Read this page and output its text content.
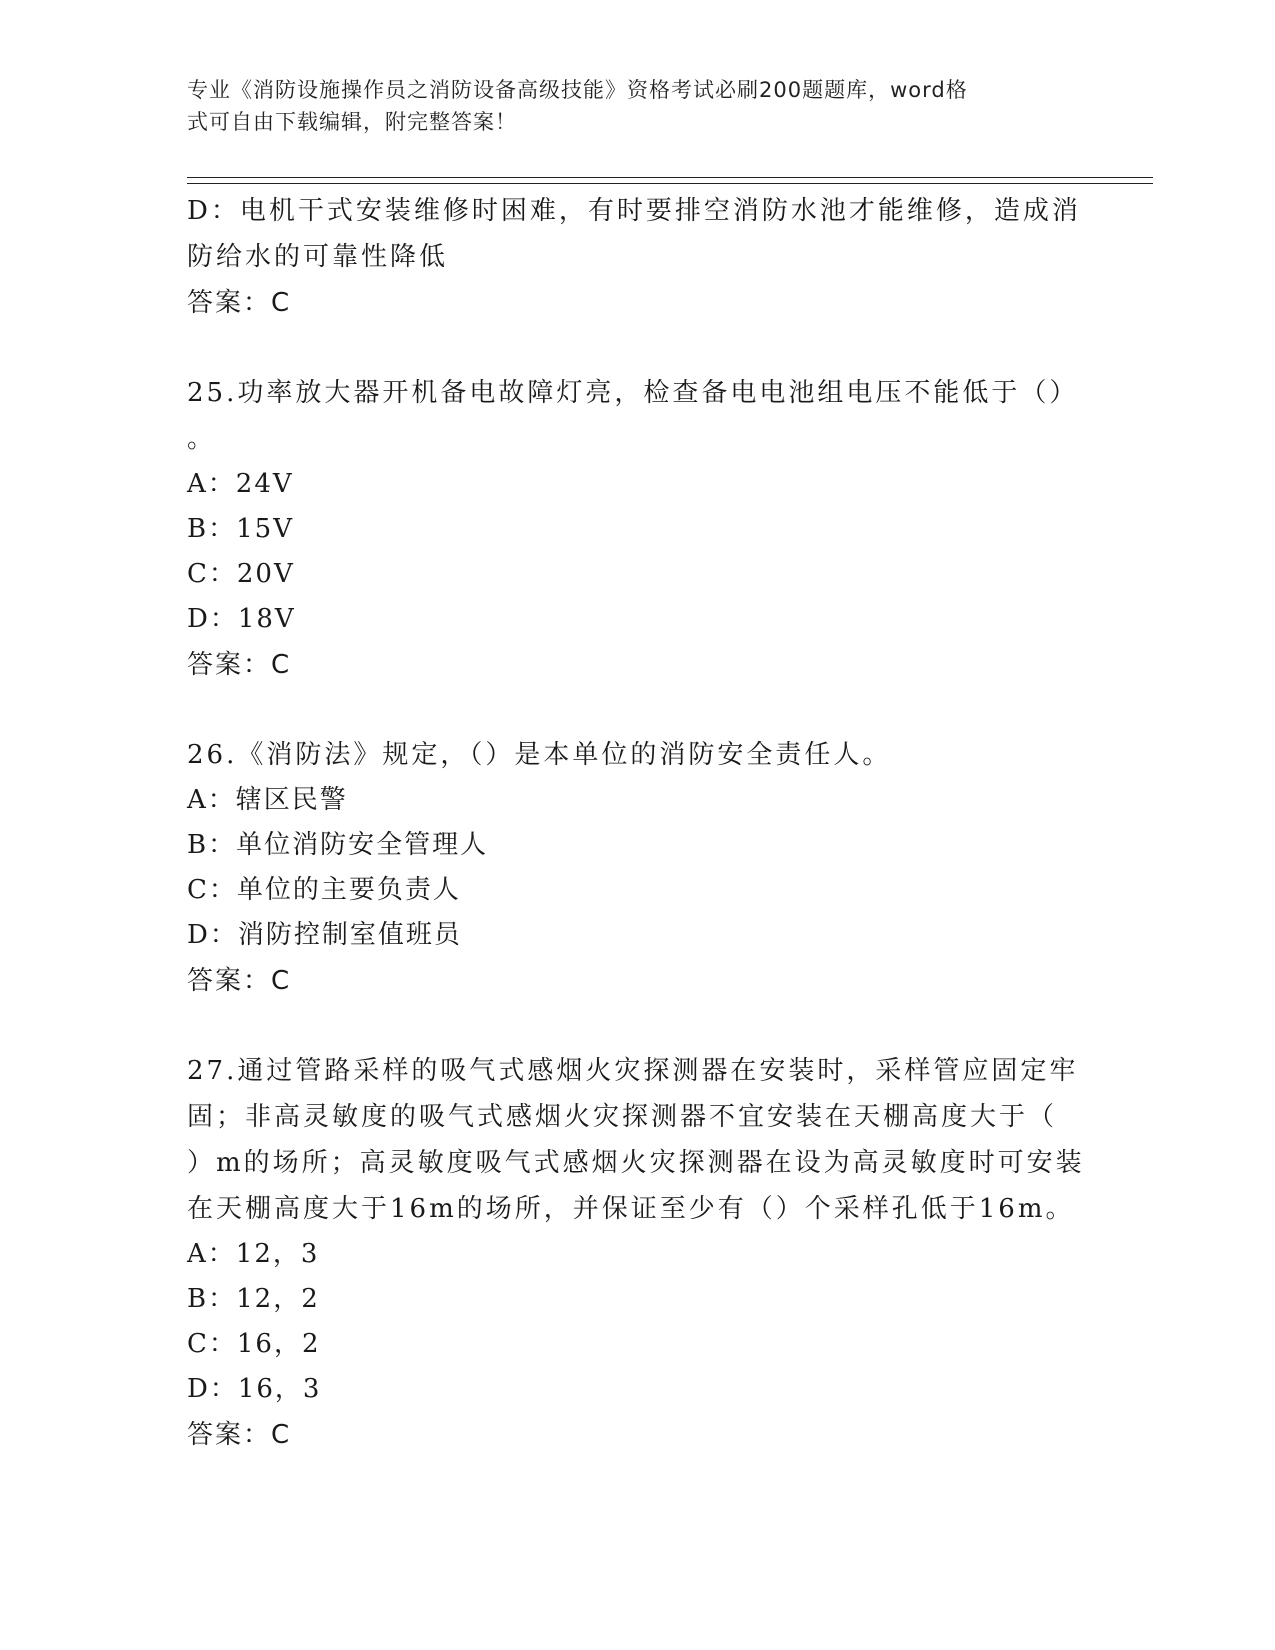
专业《消防设施操作员之消防设备高级技能》资格考试必刷200题题库，word格
式可自由下载编辑，附完整答案！
D：电机干式安装维修时困难，有时要排空消防水池才能维修，造成消
防给水的可靠性降低
答案：C
25.功率放大器开机备电故障灯亮，检查备电电池组电压不能低于（）
。
A：24V
B：15V
C：20V
D：18V
答案：C
26.《消防法》规定，（）是本单位的消防安全责任人。
A：辖区民警
B：单位消防安全管理人
C：单位的主要负责人
D：消防控制室值班员
答案：C
27.通过管路采样的吸气式感烟火灾探测器在安装时，采样管应固定牢
固；非高灵敏度的吸气式感烟火灾探测器不宜安装在天棚高度大于（
）m的场所；高灵敏度吸气式感烟火灾探测器在设为高灵敏度时可安装
在天棚高度大于16m的场所，并保证至少有（）个采样孔低于16m。
A：12，3
B：12，2
C：16，2
D：16，3
答案：C
